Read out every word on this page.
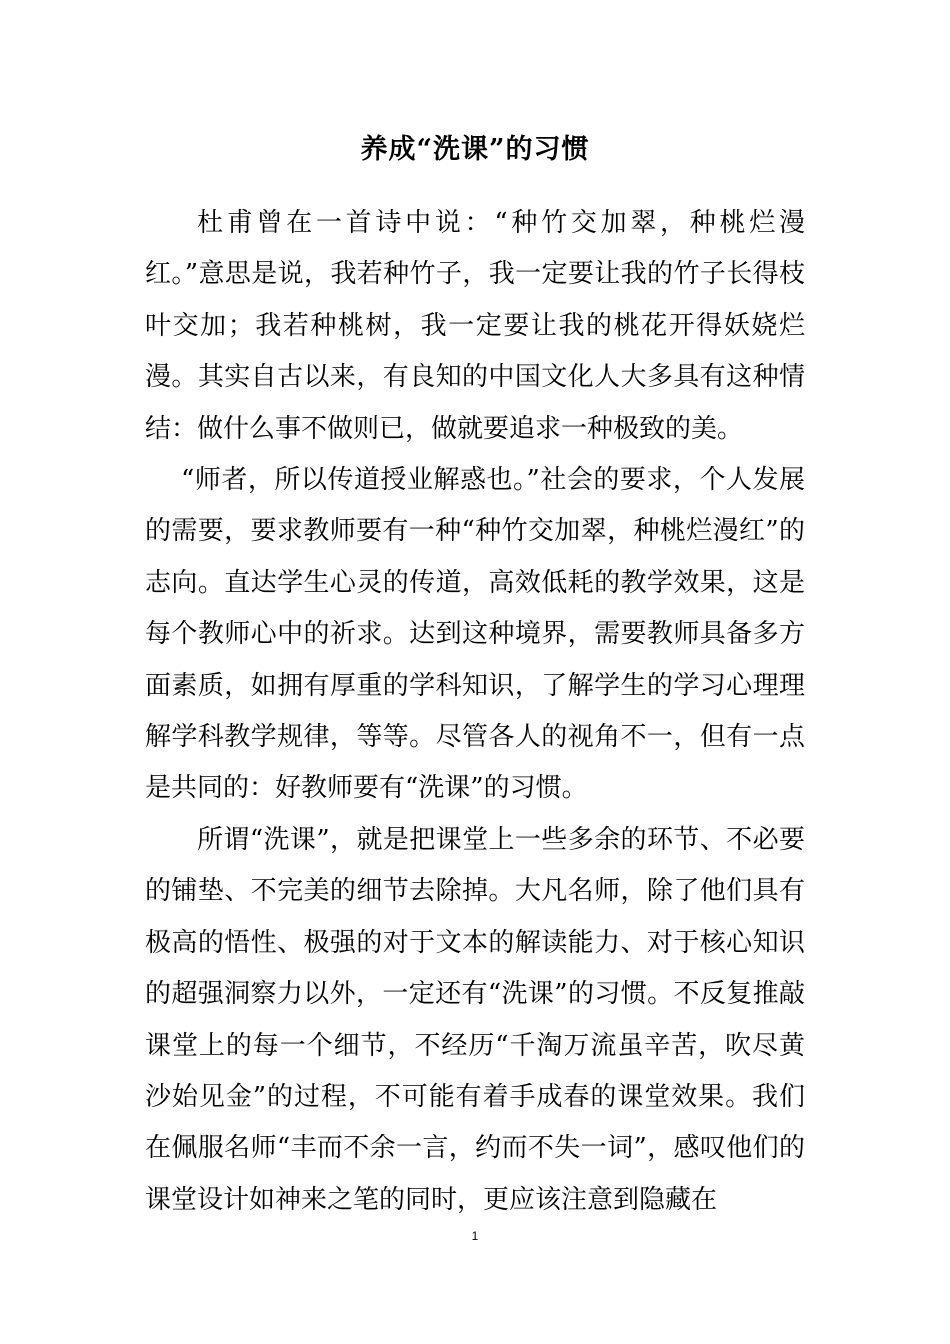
养成“洗课”的习惯

杜甫曾在一首诗中说：“种竹交加翠，种桃烂漫红。”意思是说，我若种竹子，我一定要让我的竹子长得枝叶交加；我若种桃树，我一定要让我的桃花开得妖娆烂漫。其实自古以来，有良知的中国文化人大多具有这种情结：做什么事不做则已，做就要追求一种极致的美。

“师者，所以传道授业解惑也。”社会的要求，个人发展的需要，要求教师要有一种“种竹交加翠，种桃烂漫红”的志向。直达学生心灵的传道，高效低耗的教学效果，这是每个教师心中的祈求。达到这种境界，需要教师具备多方面素质，如拥有厚重的学科知识，了解学生的学习心理理解学科教学规律，等等。尽管各人的视角不一，但有一点是共同的：好教师要有“洗课”的习惯。

所谓“洗课”，就是把课堂上一些多余的环节、不必要的铺垫、不完美的细节去除掉。大凡名师，除了他们具有极高的悟性、极强的对于文本的解读能力、对于核心知识的超强洞察力以外，一定还有“洗课”的习惯。不反复推敲课堂上的每一个细节，不经历“千淘万流虽辛苦，吹尽黄沙始见金”的过程，不可能有着手成春的课堂效果。我们在佩服名师“丰而不余一言，约而不失一词”，感叹他们的课堂设计如神来之笔的同时，更应该注意到隐藏在

1
